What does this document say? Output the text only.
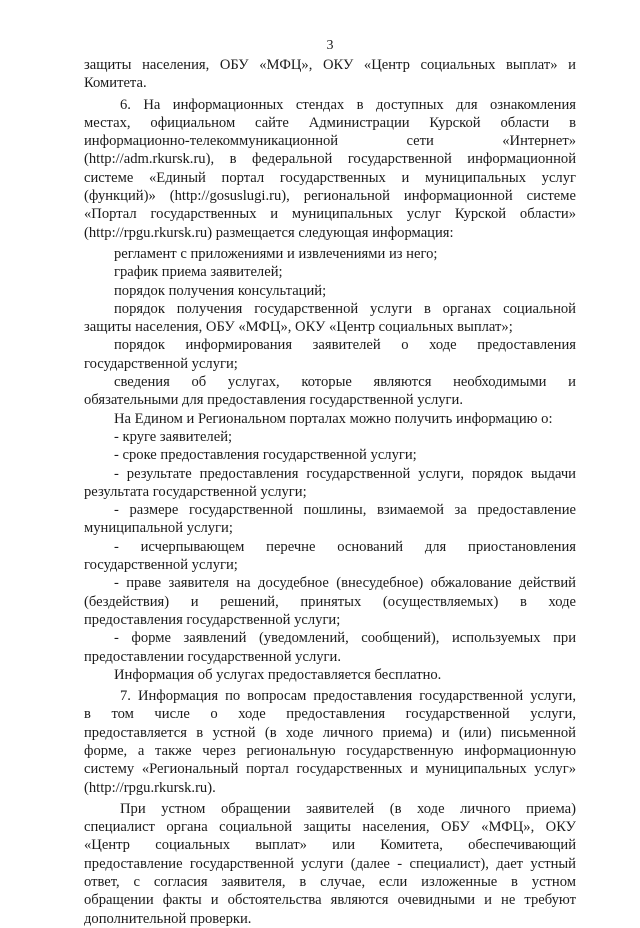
3
защиты населения, ОБУ «МФЦ», ОКУ «Центр социальных выплат» и
Комитета.
6. На информационных стендах в доступных для ознакомления
местах, официальном сайте Администрации Курской области в
информационно-телекоммуникационной сети «Интернет»
(http://adm.rkursk.ru), в федеральной государственной информационной
системе «Единый портал государственных и муниципальных услуг
(функций)» (http://gosuslugi.ru), региональной информационной системе
«Портал государственных и муниципальных услуг Курской области»
(http://rpgu.rkursk.ru) размещается следующая информация:
регламент с приложениями и извлечениями из него;
график приема заявителей;
порядок получения консультаций;
порядок получения государственной услуги в органах социальной
защиты населения, ОБУ «МФЦ», ОКУ «Центр социальных выплат»;
порядок информирования заявителей о ходе предоставления
государственной услуги;
сведения об услугах, которые являются необходимыми и
обязательными для предоставления государственной услуги.
На Едином и Региональном порталах можно получить информацию о:
- круге заявителей;
- сроке предоставления государственной услуги;
- результате предоставления государственной услуги, порядок выдачи
результата государственной услуги;
- размере государственной пошлины, взимаемой за предоставление
муниципальной услуги;
- исчерпывающем перечне оснований для приостановления
государственной услуги;
- праве заявителя на досудебное (внесудебное) обжалование действий
(бездействия) и решений, принятых (осуществляемых) в ходе
предоставления государственной услуги;
- форме заявлений (уведомлений, сообщений), используемых при
предоставлении государственной услуги.
Информация об услугах предоставляется бесплатно.
7. Информация по вопросам предоставления государственной услуги,
в том числе о ходе предоставления государственной услуги,
предоставляется в устной (в ходе личного приема) и (или) письменной
форме, а также через региональную государственную информационную
систему «Региональный портал государственных и муниципальных услуг»
(http://rpgu.rkursk.ru).
При устном обращении заявителей (в ходе личного приема)
специалист органа социальной защиты населения, ОБУ «МФЦ», ОКУ
«Центр социальных выплат» или Комитета, обеспечивающий
предоставление государственной услуги (далее - специалист), дает устный
ответ, с согласия заявителя, в случае, если изложенные в устном
обращении факты и обстоятельства являются очевидными и не требуют
дополнительной проверки.
